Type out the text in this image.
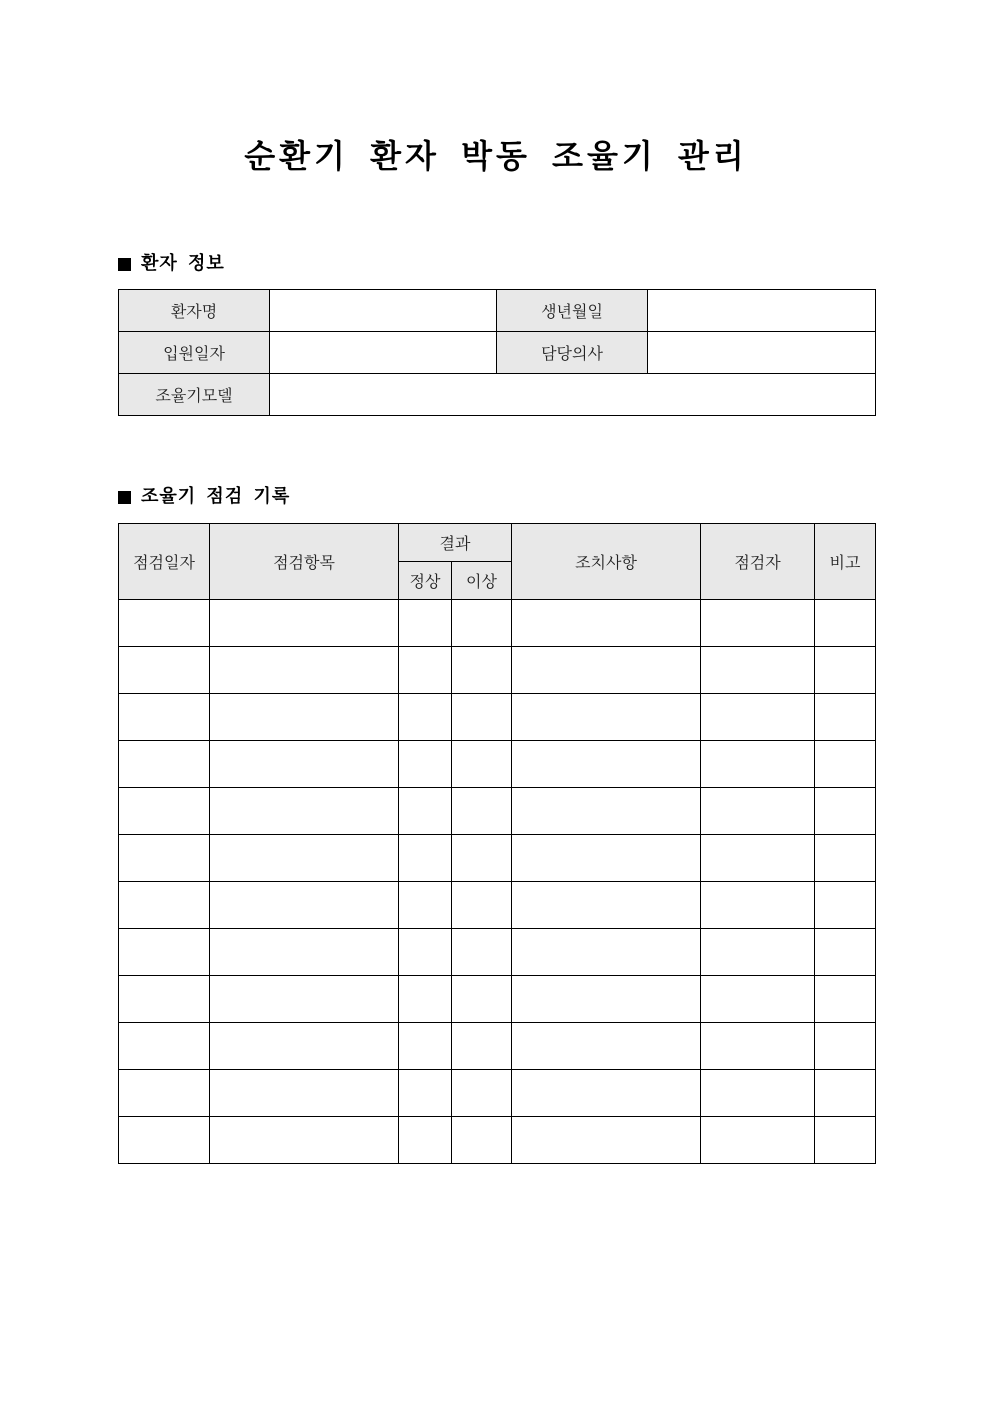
순환기 환자 박동 조율기 관리
환자 정보
환자명		생년월일	
입원일자		담당의사	
조율기모델			
조율기 점검 기록
점검일자	점검항목	결과		조치사항	점검자	비고
		정상	이상			
